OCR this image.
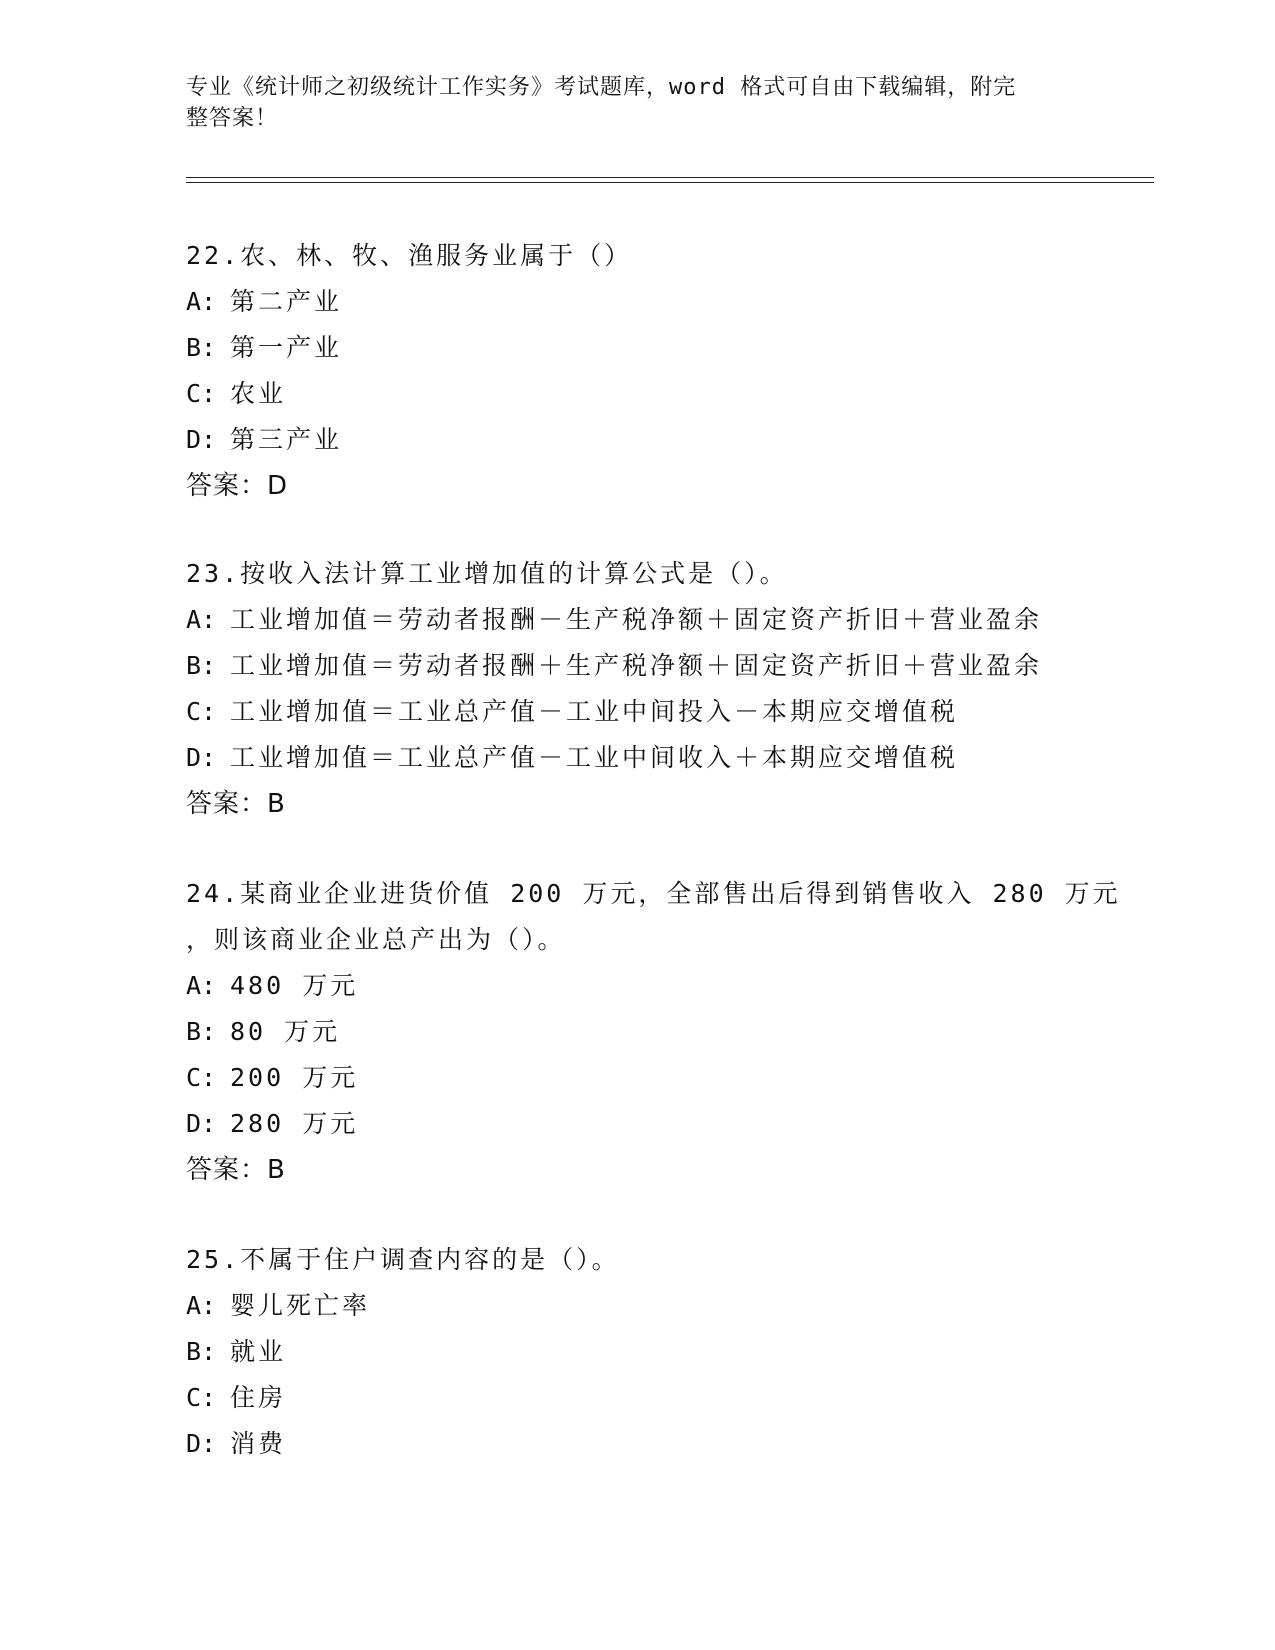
专业《统计师之初级统计工作实务》考试题库，word 格式可自由下载编辑，附完
整答案！
22.农、林、牧、渔服务业属于（）
A: 第二产业
B: 第一产业
C: 农业
D: 第三产业
答案：D
23.按收入法计算工业增加值的计算公式是（）。
A: 工业增加值＝劳动者报酬－生产税净额＋固定资产折旧＋营业盈余
B: 工业增加值＝劳动者报酬＋生产税净额＋固定资产折旧＋营业盈余
C: 工业增加值＝工业总产值－工业中间投入－本期应交增值税
D: 工业增加值＝工业总产值－工业中间收入＋本期应交增值税
答案：B
24.某商业企业进货价值 200 万元，全部售出后得到销售收入 280 万元
，则该商业企业总产出为（）。
A: 480 万元
B: 80 万元
C: 200 万元
D: 280 万元
答案：B
25.不属于住户调查内容的是（）。
A: 婴儿死亡率
B: 就业
C: 住房
D: 消费
